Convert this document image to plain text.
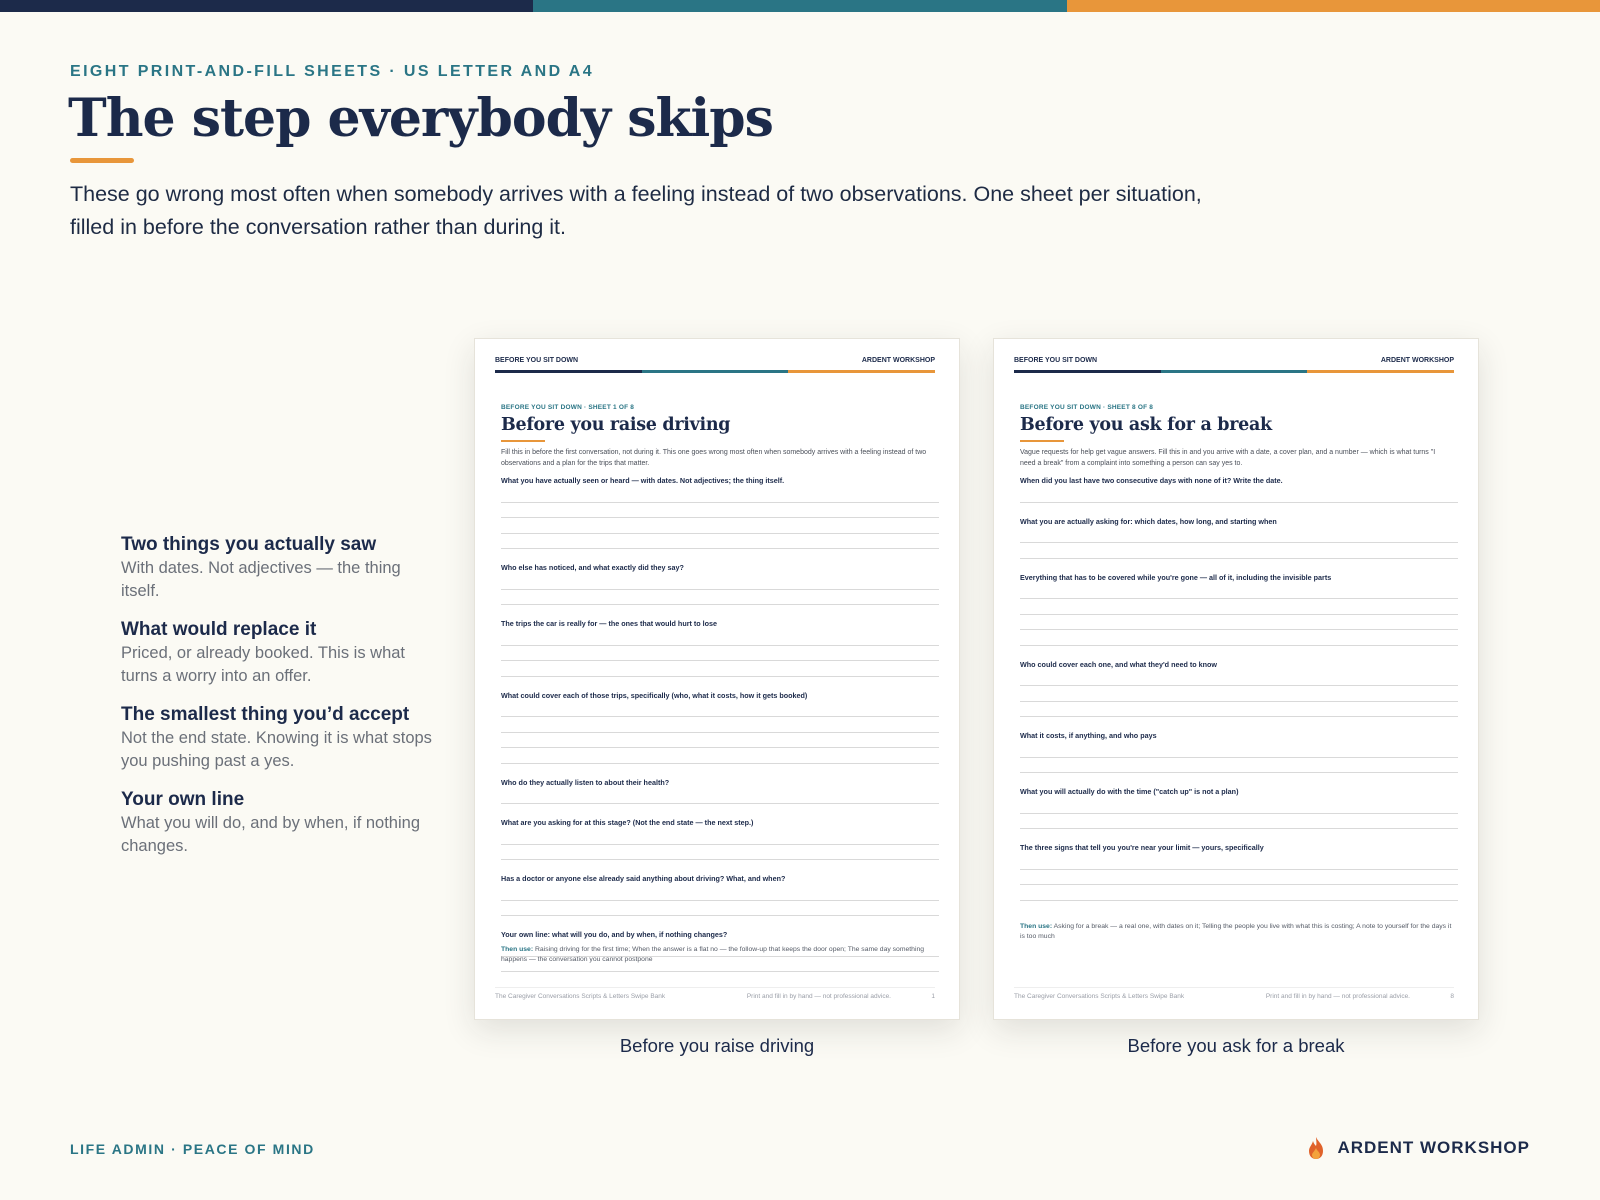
EIGHT PRINT-AND-FILL SHEETS · US LETTER AND A4
The step everybody skips

These go wrong most often when somebody arrives with a feeling instead of two observations. One sheet per situation, filled in before the conversation rather than during it.

Two things you actually saw
With dates. Not adjectives — the thing itself.
What would replace it
Priced, or already booked. This is what turns a worry into an offer.
The smallest thing you’d accept
Not the end state. Knowing it is what stops you pushing past a yes.
Your own line
What you will do, and by when, if nothing changes.
BEFORE YOU SIT DOWN	ARDENT WORKSHOP
BEFORE YOU SIT DOWN · SHEET 1 OF 8
Before you raise driving
Fill this in before the first conversation, not during it. This one goes wrong most often when somebody arrives with a feeling instead of two observations and a plan for the trips that matter.
What you have actually seen or heard — with dates. Not adjectives; the thing itself.
Who else has noticed, and what exactly did they say?
The trips the car is really for — the ones that would hurt to lose
What could cover each of those trips, specifically (who, what it costs, how it gets booked)
Who do they actually listen to about their health?
What are you asking for at this stage? (Not the end state — the next step.)
Has a doctor or anyone else already said anything about driving? What, and when?
Your own line: what will you do, and by when, if nothing changes?
Then use: Raising driving for the first time; When the answer is a flat no — the follow-up that keeps the door open; The same day something happens — the conversation you cannot postpone
The Caregiver Conversations Scripts & Letters Swipe Bank	Print and fill in by hand — not professional advice.	1
Before you raise driving
BEFORE YOU SIT DOWN	ARDENT WORKSHOP
BEFORE YOU SIT DOWN · SHEET 8 OF 8
Before you ask for a break
Vague requests for help get vague answers. Fill this in and you arrive with a date, a cover plan, and a number — which is what turns "I need a break" from a complaint into something a person can say yes to.
When did you last have two consecutive days with none of it? Write the date.
What you are actually asking for: which dates, how long, and starting when
Everything that has to be covered while you're gone — all of it, including the invisible parts
Who could cover each one, and what they'd need to know
What it costs, if anything, and who pays
What you will actually do with the time ("catch up" is not a plan)
The three signs that tell you you're near your limit — yours, specifically
Then use: Asking for a break — a real one, with dates on it; Telling the people you live with what this is costing; A note to yourself for the days it is too much
The Caregiver Conversations Scripts & Letters Swipe Bank	Print and fill in by hand — not professional advice.	8
Before you ask for a break
LIFE ADMIN · PEACE OF MIND	ARDENT WORKSHOP
